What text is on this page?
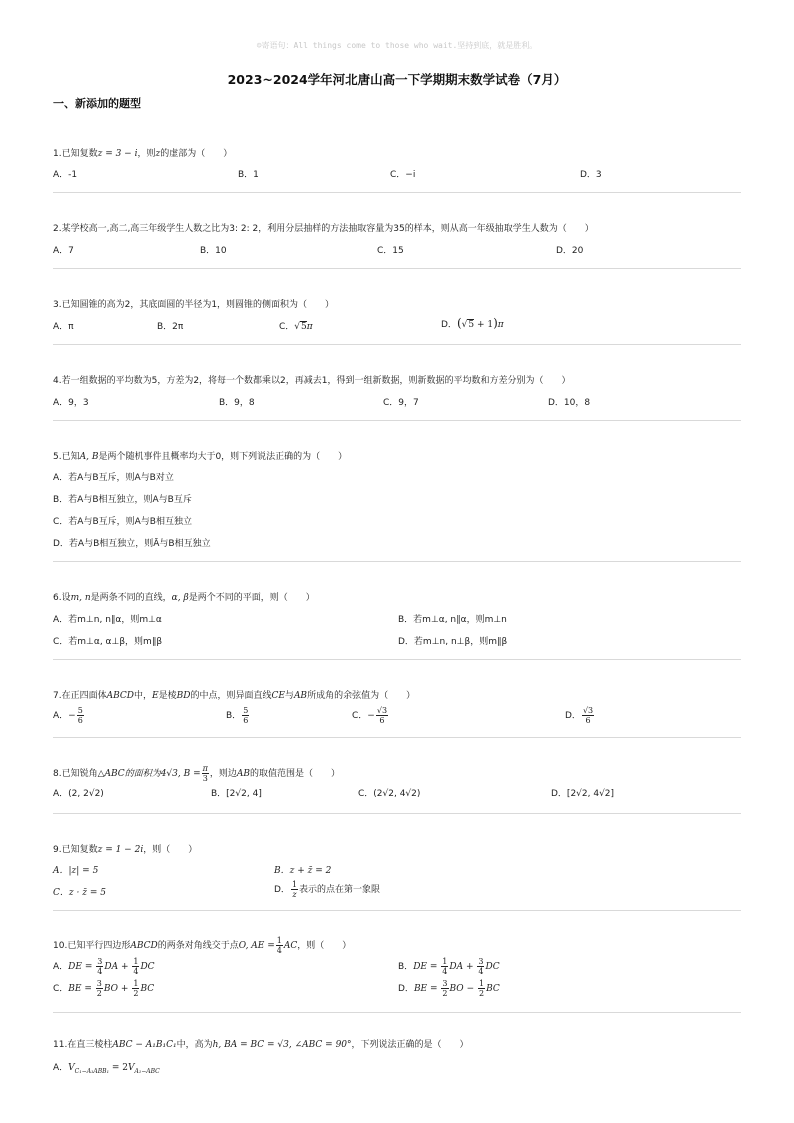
☺寄语句：All things come to those who wait.坚持到底，就是胜利。
2023~2024学年河北唐山高一下学期期末数学试卷（7月）
一、新添加的题型
1.已知复数z = 3 − i，则z的虚部为（　　）
A．-1	B．1	C．−i	D．3
2.某学校高一,高二,高三年级学生人数之比为3: 2: 2，利用分层抽样的方法抽取容量为35的样本，则从高一年级抽取学生人数为（　　）
A．7	B．10	C．15	D．20
3.已知圆锥的高为2，其底面圆的半径为1，则圆锥的侧面积为（　　）
A．π	B．2π	C．√5π	D．(√5 + 1)π
4.若一组数据的平均数为5，方差为2，将每一个数都乘以2，再减去1，得到一组新数据，则新数据的平均数和方差分别为（　　）
A．9，3	B．9，8	C．9，7	D．10，8
5.已知A, B是两个随机事件且概率均大于0，则下列说法正确的为（　　）
A．若A与B互斥，则A与B对立
B．若A与B相互独立，则A与B互斥
C．若A与B互斥，则A与B相互独立
D．若A与B相互独立，则Ā与B相互独立
6.设m, n是两条不同的直线，α, β是两个不同的平面，则（　　）
A．若m⊥n, n∥α，则m⊥α	B．若m⊥α, n∥α，则m⊥n
C．若m⊥α, α⊥β，则m∥β	D．若m⊥n, n⊥β，则m∥β
7.在正四面体ABCD中，E是棱BD的中点，则异面直线CE与AB所成角的余弦值为（　　）
A．− $\frac{5}{6}$	B． $\frac{5}{6}$	C．− $\frac{√3}{6}$	D． $\frac{√3}{6}$
8.已知锐角△ABC的面积为4√3, $B = \frac{\pi}{3}$ ，则边AB的取值范围是（　　）
A．(2, 2√2)	B．[2√2, 4]	C．(2√2, 4√2)	D．[2√2, 4√2]
9.已知复数z = 1 − 2i，则（　　）
A．|z| = 5	B．z + z̄ = 2
C．z · z̄ = 5	D． $\frac{1}{z}$ 表示的点在第一象限
10.已知平行四边形ABCD的两条对角线交于点O, AE = $\frac{1}{4}$ AC，则（　　）
A．DE = $\frac{3}{4}$ DA + $\frac{1}{4}$ DC	B．DE = $\frac{1}{4}$ DA + $\frac{3}{4}$ DC
C．BE = $\frac{3}{2}$ BO + $\frac{1}{2}$ BC	D．BE = $\frac{3}{2}$ BO − $\frac{1}{2}$ BC
11.在直三棱柱ABC − A₁B₁C₁中，高为h, BA = BC = √3, ∠ABC = 90°，下列说法正确的是（　　）
A．$V_{C_1-A_1ABB_1} = 2V_{A_1-ABC}$
